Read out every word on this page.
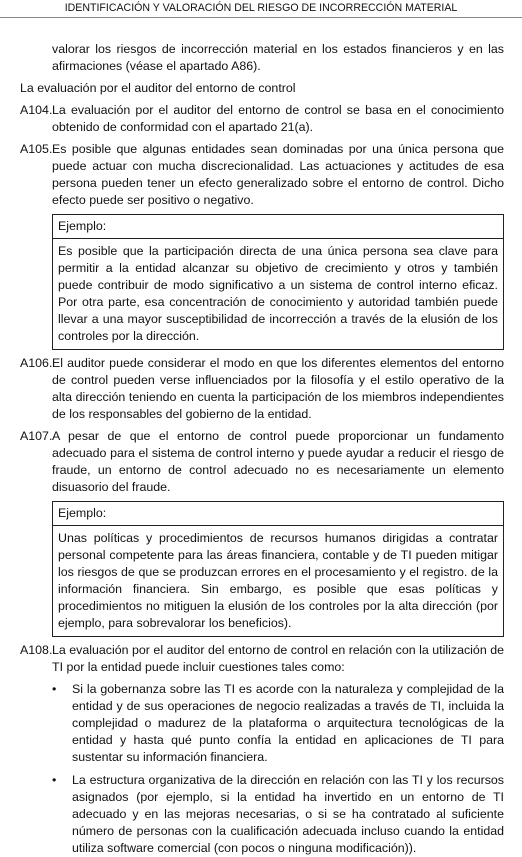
IDENTIFICACIÓN Y VALORACIÓN DEL RIESGO DE INCORRECCIÓN MATERIAL

valorar los riesgos de incorrección material en los estados financieros y en las afirmaciones (véase el apartado A86).

La evaluación por el auditor del entorno de control

A104. La evaluación por el auditor del entorno de control se basa en el conocimiento obtenido de conformidad con el apartado 21(a).
A105. Es posible que algunas entidades sean dominadas por una única persona que puede actuar con mucha discrecionalidad. Las actuaciones y actitudes de esa persona pueden tener un efecto generalizado sobre el entorno de control. Dicho efecto puede ser positivo o negativo.

Ejemplo:

Es posible que la participación directa de una única persona sea clave para permitir a la entidad alcanzar su objetivo de crecimiento y otros y también puede contribuir de modo significativo a un sistema de control interno eficaz. Por otra parte, esa concentración de conocimiento y autoridad también puede llevar a una mayor susceptibilidad de incorrección a través de la elusión de los controles por la dirección.

A106. El auditor puede considerar el modo en que los diferentes elementos del entorno de control pueden verse influenciados por la filosofía y el estilo operativo de la alta dirección teniendo en cuenta la participación de los miembros independientes de los responsables del gobierno de la entidad.
A107. A pesar de que el entorno de control puede proporcionar un fundamento adecuado para el sistema de control interno y puede ayudar a reducir el riesgo de fraude, un entorno de control adecuado no es necesariamente un elemento disuasorio del fraude.

Ejemplo:

Unas políticas y procedimientos de recursos humanos dirigidas a contratar personal competente para las áreas financiera, contable y de TI pueden mitigar los riesgos de que se produzcan errores en el procesamiento y el registro. de la información financiera. Sin embargo, es posible que esas políticas y procedimientos no mitiguen la elusión de los controles por la alta dirección (por ejemplo, para sobrevalorar los beneficios).

A108. La evaluación por el auditor del entorno de control en relación con la utilización de TI por la entidad puede incluir cuestiones tales como:
•	Si la gobernanza sobre las TI es acorde con la naturaleza y complejidad de la entidad y de sus operaciones de negocio realizadas a través de TI, incluida la complejidad o madurez de la plataforma o arquitectura tecnológicas de la entidad y hasta qué punto confía la entidad en aplicaciones de TI para sustentar su información financiera.
•	La estructura organizativa de la dirección en relación con las TI y los recursos asignados (por ejemplo, si la entidad ha invertido en un entorno de TI adecuado y en las mejoras necesarias, o si se ha contratado al suficiente número de personas con la cualificación adecuada incluso cuando la entidad utiliza software comercial (con pocos o ninguna modificación)).
